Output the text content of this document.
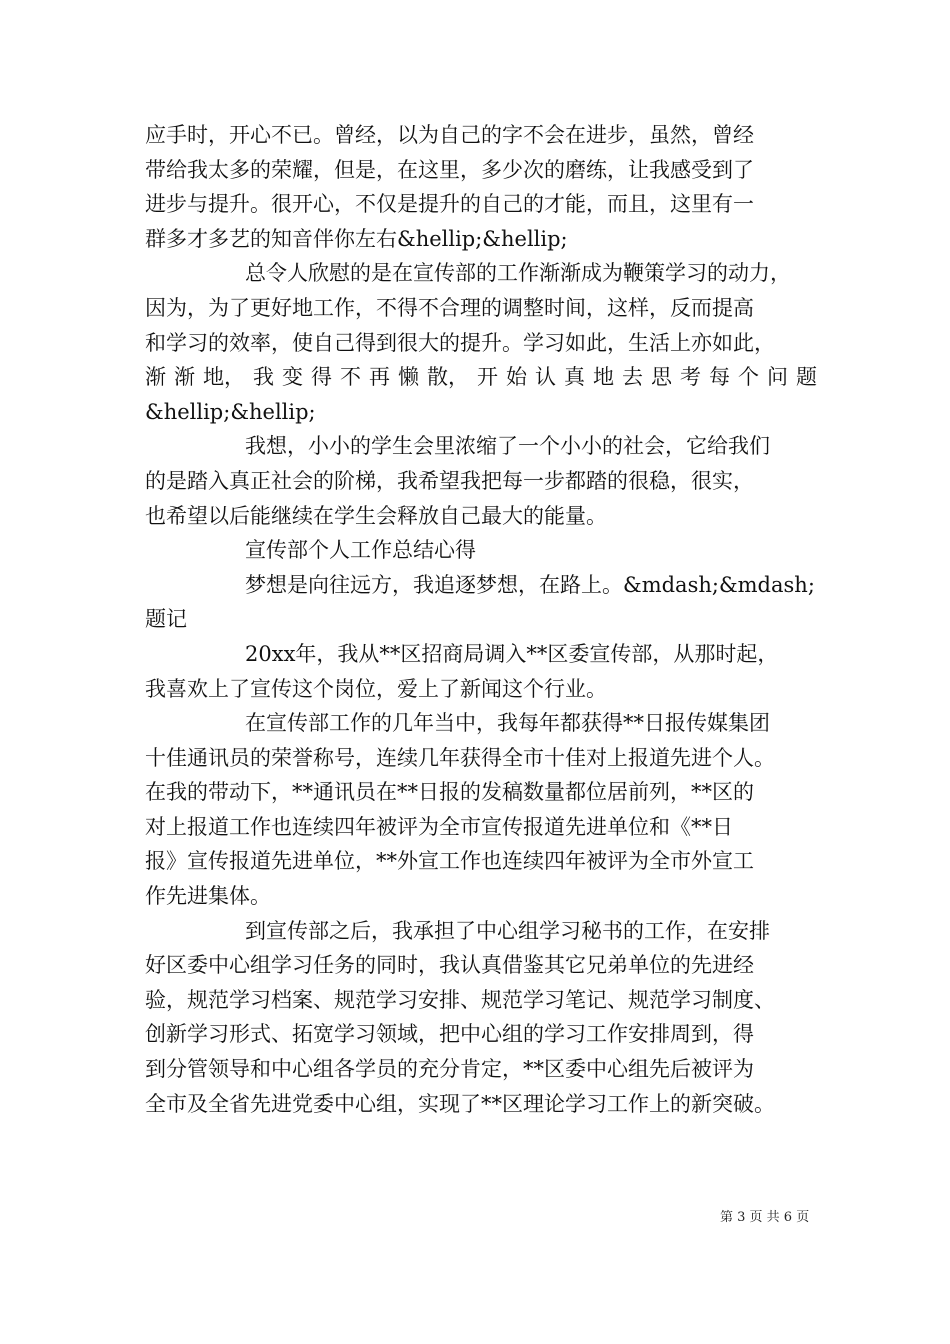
应手时，开心不已。曾经，以为自己的字不会在进步，虽然，曾经
带给我太多的荣耀，但是，在这里，多少次的磨练，让我感受到了
进步与提升。很开心，不仅是提升的自己的才能，而且，这里有一
群多才多艺的知音伴你左右&hellip;&hellip;
总令人欣慰的是在宣传部的工作渐渐成为鞭策学习的动力，
因为，为了更好地工作，不得不合理的调整时间，这样，反而提高
和学习的效率，使自己得到很大的提升。学习如此，生活上亦如此，
渐 渐 地， 我 变 得 不 再 懒 散， 开 始 认 真 地 去 思 考 每 个 问 题
&hellip;&hellip;
我想，小小的学生会里浓缩了一个小小的社会，它给我们
的是踏入真正社会的阶梯，我希望我把每一步都踏的很稳，很实，
也希望以后能继续在学生会释放自己最大的能量。
宣传部个人工作总结心得
梦想是向往远方，我追逐梦想，在路上。&mdash;&mdash;
题记
20xx年，我从**区招商局调入**区委宣传部，从那时起，
我喜欢上了宣传这个岗位，爱上了新闻这个行业。
在宣传部工作的几年当中，我每年都获得**日报传媒集团
十佳通讯员的荣誉称号，连续几年获得全市十佳对上报道先进个人。
在我的带动下，**通讯员在**日报的发稿数量都位居前列，**区的
对上报道工作也连续四年被评为全市宣传报道先进单位和《**日
报》宣传报道先进单位，**外宣工作也连续四年被评为全市外宣工
作先进集体。
到宣传部之后，我承担了中心组学习秘书的工作，在安排
好区委中心组学习任务的同时，我认真借鉴其它兄弟单位的先进经
验，规范学习档案、规范学习安排、规范学习笔记、规范学习制度、
创新学习形式、拓宽学习领域，把中心组的学习工作安排周到，得
到分管领导和中心组各学员的充分肯定，**区委中心组先后被评为
全市及全省先进党委中心组，实现了**区理论学习工作上的新突破。
第 3 页 共 6 页
